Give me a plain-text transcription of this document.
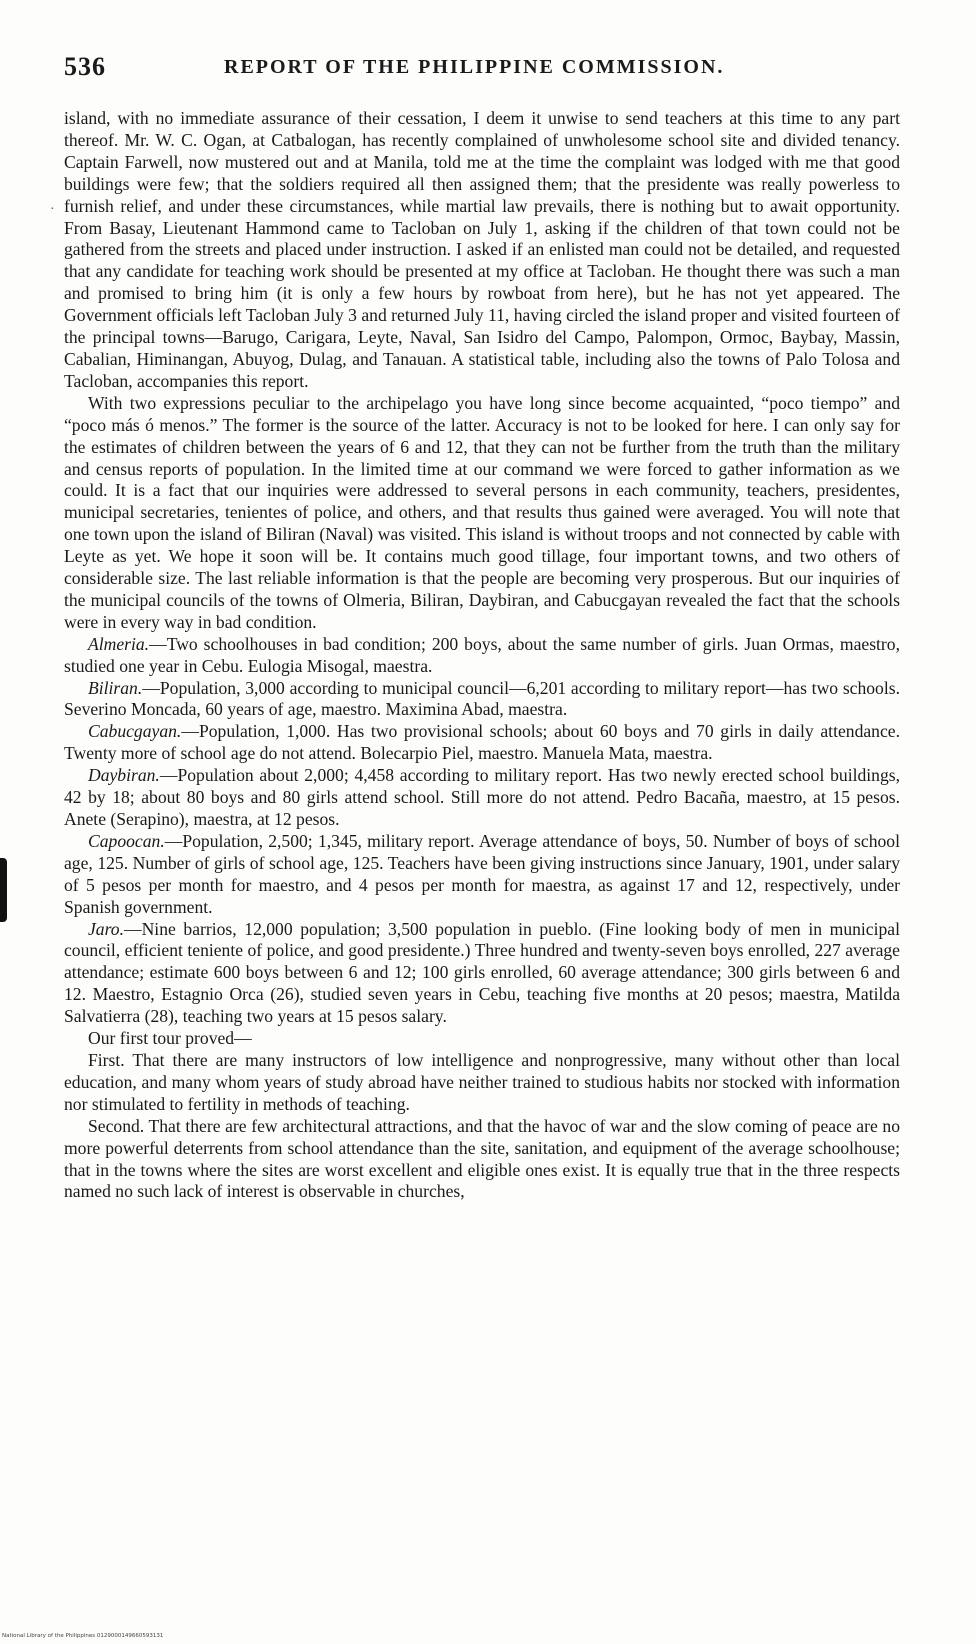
536	REPORT OF THE PHILIPPINE COMMISSION.
·

island, with no immediate assurance of their cessation, I deem it unwise to send teachers at this time to any part thereof. Mr. W. C. Ogan, at Catbalogan, has recently complained of unwholesome school site and divided tenancy. Captain Farwell, now mustered out and at Manila, told me at the time the complaint was lodged with me that good buildings were few; that the soldiers required all then assigned them; that the presidente was really powerless to furnish relief, and under these circumstances, while martial law prevails, there is nothing but to await opportunity. From Basay, Lieutenant Hammond came to Tacloban on July 1, asking if the children of that town could not be gathered from the streets and placed under instruction. I asked if an enlisted man could not be detailed, and requested that any candidate for teaching work should be presented at my office at Tacloban. He thought there was such a man and promised to bring him (it is only a few hours by rowboat from here), but he has not yet appeared. The Government officials left Tacloban July 3 and returned July 11, having circled the island proper and visited fourteen of the principal towns—Barugo, Carigara, Leyte, Naval, San Isidro del Campo, Palompon, Ormoc, Baybay, Massin, Cabalian, Himinangan, Abuyog, Dulag, and Tanauan. A statistical table, including also the towns of Palo Tolosa and Tacloban, accompanies this report.

With two expressions peculiar to the archipelago you have long since become acquainted, “poco tiempo” and “poco más ó menos.” The former is the source of the latter. Accuracy is not to be looked for here. I can only say for the estimates of children between the years of 6 and 12, that they can not be further from the truth than the military and census reports of population. In the limited time at our command we were forced to gather information as we could. It is a fact that our inquiries were addressed to several persons in each community, teachers, presidentes, municipal secretaries, tenientes of police, and others, and that results thus gained were averaged. You will note that one town upon the island of Biliran (Naval) was visited. This island is without troops and not connected by cable with Leyte as yet. We hope it soon will be. It contains much good tillage, four important towns, and two others of considerable size. The last reliable information is that the people are becoming very prosperous. But our inquiries of the municipal councils of the towns of Olmeria, Biliran, Daybiran, and Cabucgayan revealed the fact that the schools were in every way in bad condition.

Almeria.—Two schoolhouses in bad condition; 200 boys, about the same number of girls. Juan Ormas, maestro, studied one year in Cebu. Eulogia Misogal, maestra.

Biliran.—Population, 3,000 according to municipal council—6,201 according to military report—has two schools. Severino Moncada, 60 years of age, maestro. Maximina Abad, maestra.

Cabucgayan.—Population, 1,000. Has two provisional schools; about 60 boys and 70 girls in daily attendance. Twenty more of school age do not attend. Bolecarpio Piel, maestro. Manuela Mata, maestra.

Daybiran.—Population about 2,000; 4,458 according to military report. Has two newly erected school buildings, 42 by 18; about 80 boys and 80 girls attend school. Still more do not attend. Pedro Bacaña, maestro, at 15 pesos. Anete (Serapino), maestra, at 12 pesos.

Capoocan.—Population, 2,500; 1,345, military report. Average attendance of boys, 50. Number of boys of school age, 125. Number of girls of school age, 125. Teachers have been giving instructions since January, 1901, under salary of 5 pesos per month for maestro, and 4 pesos per month for maestra, as against 17 and 12, respectively, under Spanish government.

Jaro.—Nine barrios, 12,000 population; 3,500 population in pueblo. (Fine looking body of men in municipal council, efficient teniente of police, and good presidente.) Three hundred and twenty-seven boys enrolled, 227 average attendance; estimate 600 boys between 6 and 12; 100 girls enrolled, 60 average attendance; 300 girls between 6 and 12. Maestro, Estagnio Orca (26), studied seven years in Cebu, teaching five months at 20 pesos; maestra, Matilda Salvatierra (28), teaching two years at 15 pesos salary.

Our first tour proved—

First. That there are many instructors of low intelligence and nonprogressive, many without other than local education, and many whom years of study abroad have neither trained to studious habits nor stocked with information nor stimulated to fertility in methods of teaching.

Second. That there are few architectural attractions, and that the havoc of war and the slow coming of peace are no more powerful deterrents from school attendance than the site, sanitation, and equipment of the average schoolhouse; that in the towns where the sites are worst excellent and eligible ones exist. It is equally true that in the three respects named no such lack of interest is observable in churches,

National Library of the Philippines 0129000149660593131
